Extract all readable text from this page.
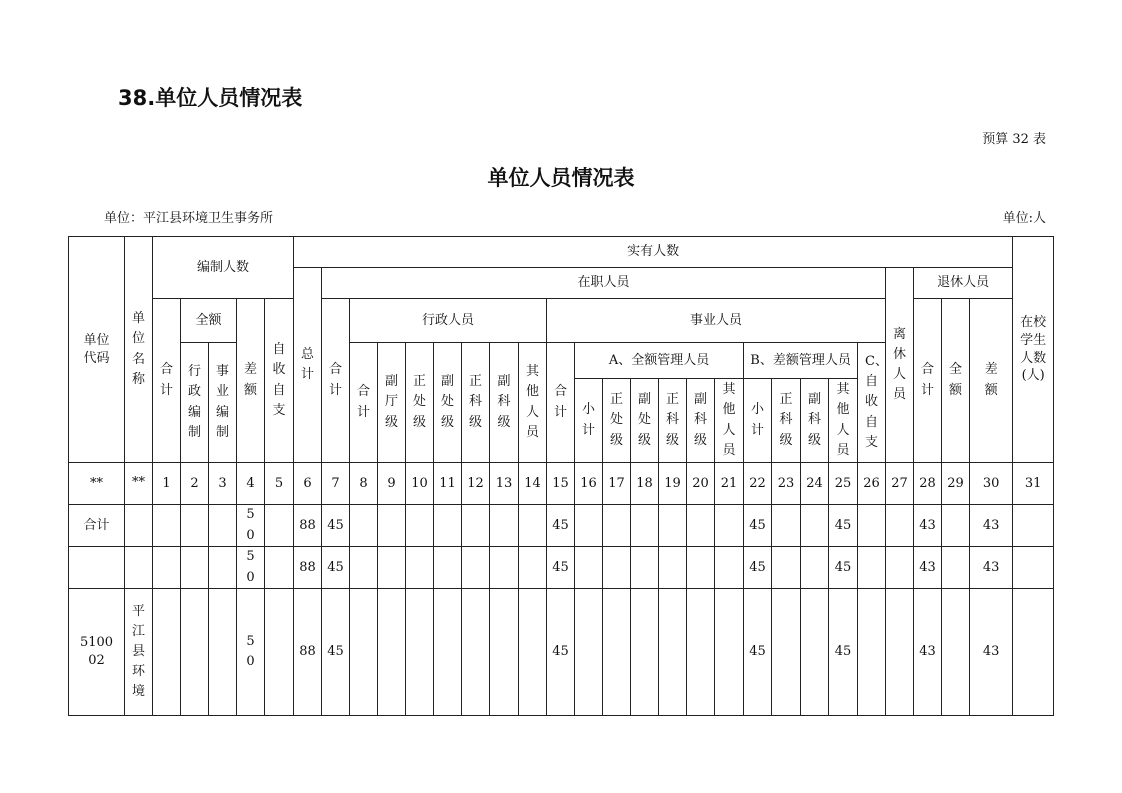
38.单位人员情况表
预算 32 表
单位人员情况表
单位：平江县环境卫生事务所	单位:人
单位代码	单位名称	编制人数					实有人数																									在校学生人数(人)
							总计	在职人员																				离休人员	退休人员			
		合计	全额		差额	自收自支		合计	行政人员							事业人员													合计	全额	差额	
			行政编制	事业编制					合计	副厅级	正处级	副处级	正科级	副科级	其他人员	合计	A、全额管理人员						B、差额管理人员				C、自收自支					
																	小计	正处级	副处级	正科级	副科级	其他人员	小计	正科级	副科级	其他人员						
**	**	1	2	3	4	5	6	7	8	9	10	11	12	13	14	15	16	17	18	19	20	21	22	23	24	25	26	27	28	29	30	31
合计					50		88	45								45							45			45			43		43	
					50		88	45								45							45			45			43		43	
510002	平江县环境				50		88	45								45							45			45			43		43	
